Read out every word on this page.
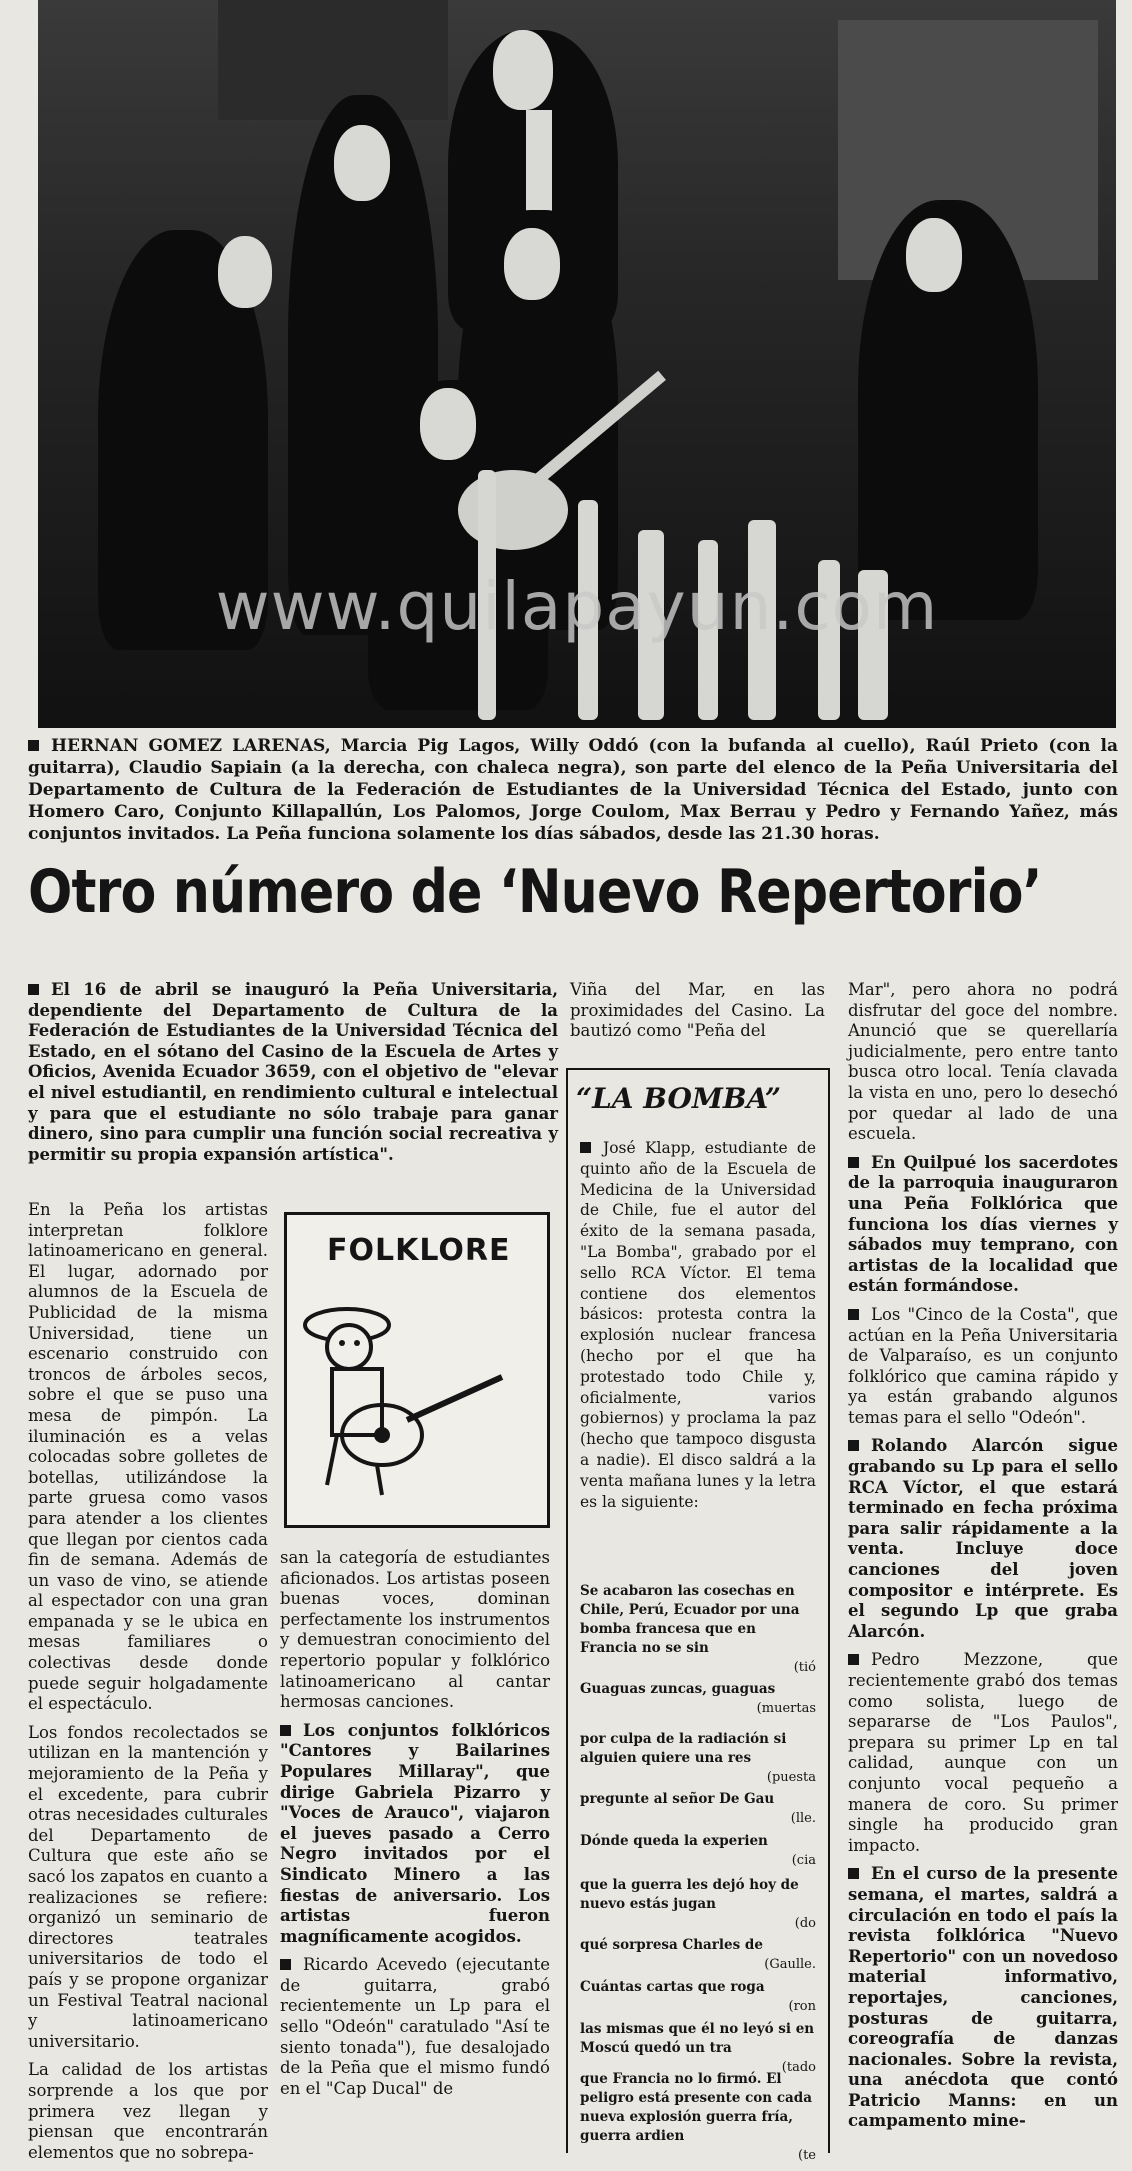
www.quilapayun.com
HERNAN GOMEZ LARENAS, Marcia Pig Lagos, Willy Oddó (con la bufanda al cuello), Raúl Prieto (con la guitarra), Claudio Sapiain (a la derecha, con chaleca negra), son parte del elenco de la Peña Universitaria del Departamento de Cultura de la Federación de Estudiantes de la Universidad Técnica del Estado, junto con Homero Caro, Conjunto Killapallún, Los Palomos, Jorge Coulom, Max Berrau y Pedro y Fernando Yañez, más conjuntos invitados. La Peña funciona solamente los días sábados, desde las 21.30 horas.
Otro número de ‘Nuevo Repertorio’
El 16 de abril se inauguró la Peña Universitaria, dependiente del Departamento de Cultura de la Federación de Estudiantes de la Universidad Técnica del Estado, en el sótano del Casino de la Escuela de Artes y Oficios, Avenida Ecuador 3659, con el objetivo de "elevar el nivel estudiantil, en rendimiento cultural e intelectual y para que el estudiante no sólo trabaje para ganar dinero, sino para cumplir una función social recreativa y permitir su propia expansión artística".

En la Peña los artistas interpretan folklore latinoamericano en general. El lugar, adornado por alumnos de la Escuela de Publicidad de la misma Universidad, tiene un escenario construido con troncos de árboles secos, sobre el que se puso una mesa de pimpón. La iluminación es a velas colocadas sobre golletes de botellas, utilizándose la parte gruesa como vasos para atender a los clientes que llegan por cientos cada fin de semana. Además de un vaso de vino, se atiende al espectador con una gran empanada y se le ubica en mesas familiares o colectivas desde donde puede seguir holgadamente el espectáculo.

Los fondos recolectados se utilizan en la mantención y mejoramiento de la Peña y el excedente, para cubrir otras necesidades culturales del Departamento de Cultura que este año se sacó los zapatos en cuanto a realizaciones se refiere: organizó un seminario de directores teatrales universitarios de todo el país y se propone organizar un Festival Teatral nacional y latinoamericano universitario.

La calidad de los artistas sorprende a los que por primera vez llegan y piensan que encontrarán elementos que no sobrepa-

FOLKLORE

san la categoría de estudiantes aficionados. Los artistas poseen buenas voces, dominan perfectamente los instrumentos y demuestran conocimiento del repertorio popular y folklórico latinoamericano al cantar hermosas canciones.

Los conjuntos folklóricos "Cantores y Bailarines Populares Millaray", que dirige Gabriela Pizarro y "Voces de Arauco", viajaron el jueves pasado a Cerro Negro invitados por el Sindicato Minero a las fiestas de aniversario. Los artistas fueron magníficamente acogidos.

Ricardo Acevedo (ejecutante de guitarra, grabó recientemente un Lp para el sello "Odeón" caratulado "Así te siento tonada"), fue desalojado de la Peña que el mismo fundó en el "Cap Ducal" de

Viña del Mar, en las proximidades del Casino. La bautizó como "Peña del
“LA BOMBA”
José Klapp, estudiante de quinto año de la Escuela de Medicina de la Universidad de Chile, fue el autor del éxito de la semana pasada, "La Bomba", grabado por el sello RCA Víctor. El tema contiene dos elementos básicos: protesta contra la explosión nuclear francesa (hecho por el que ha protestado todo Chile y, oficialmente, varios gobiernos) y proclama la paz (hecho que tampoco disgusta a nadie). El disco saldrá a la venta mañana lunes y la letra es la siguiente:
Se acabaron las cosechas en Chile, Perú, Ecuador por una bomba francesa que en Francia no se sin
(tió
Guaguas zuncas, guaguas
(muertas
por culpa de la radiación si alguien quiere una res
(puesta
pregunte al señor De Gau
(lle.
Dónde queda la experien
(cia
que la guerra les dejó hoy de nuevo estás jugan
(do
qué sorpresa Charles de
(Gaulle.
Cuántas cartas que roga
(ron
las mismas que él no leyó si en Moscú quedó un tra
(tado
que Francia no lo firmó. El peligro está presente con cada nueva explosión guerra fría, guerra ardien
(te

Mar", pero ahora no podrá disfrutar del goce del nombre. Anunció que se querellaría judicialmente, pero entre tanto busca otro local. Tenía clavada la vista en uno, pero lo desechó por quedar al lado de una escuela.

En Quilpué los sacerdotes de la parroquia inauguraron una Peña Folklórica que funciona los días viernes y sábados muy temprano, con artistas de la localidad que están formándose.

Los "Cinco de la Costa", que actúan en la Peña Universitaria de Valparaíso, es un conjunto folklórico que camina rápido y ya están grabando algunos temas para el sello "Odeón".

Rolando Alarcón sigue grabando su Lp para el sello RCA Víctor, el que estará terminado en fecha próxima para salir rápidamente a la venta. Incluye doce canciones del joven compositor e intérprete. Es el segundo Lp que graba Alarcón.

Pedro Mezzone, que recientemente grabó dos temas como solista, luego de separarse de "Los Paulos", prepara su primer Lp en tal calidad, aunque con un conjunto vocal pequeño a manera de coro. Su primer single ha producido gran impacto.

En el curso de la presente semana, el martes, saldrá a circulación en todo el país la revista folklórica "Nuevo Repertorio" con un novedoso material informativo, reportajes, canciones, posturas de guitarra, coreografía de danzas nacionales. Sobre la revista, una anécdota que contó Patricio Manns: en un campamento mine-
